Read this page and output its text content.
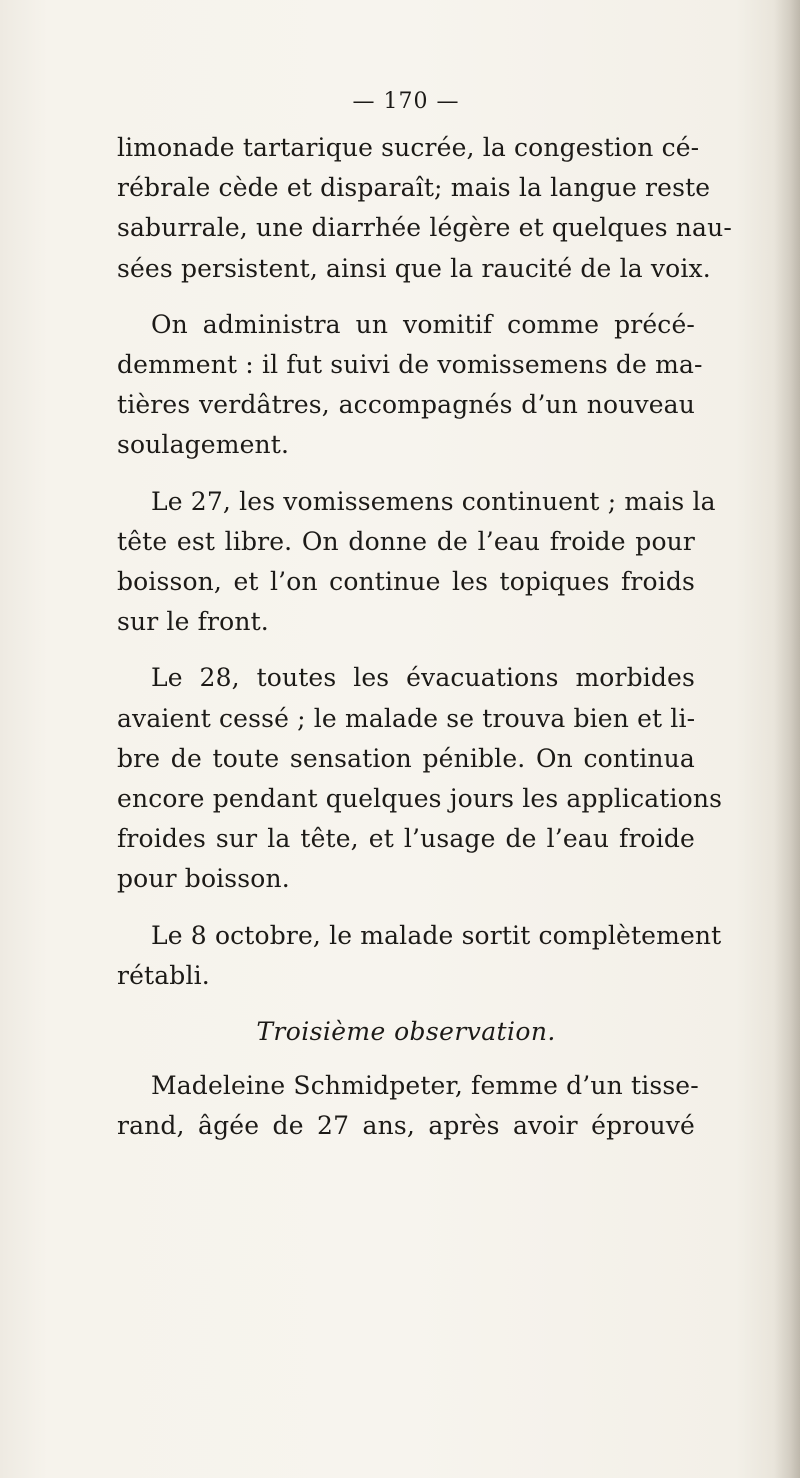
— 170 —
limonade tartarique sucrée, la congestion cé-
rébrale cède et disparaît; mais la langue reste
saburrale, une diarrhée légère et quelques nau-
sées persistent, ainsi que la raucité de la voix.
On administra un vomitif comme précé-
demment : il fut suivi de vomissemens de ma-
tières verdâtres, accompagnés d’un nouveau
soulagement.
Le 27, les vomissemens continuent ; mais la
tête est libre. On donne de l’eau froide pour
boisson, et l’on continue les topiques froids
sur le front.
Le 28, toutes les évacuations morbides
avaient cessé ; le malade se trouva bien et li-
bre de toute sensation pénible. On continua
encore pendant quelques jours les applications
froides sur la tête, et l’usage de l’eau froide
pour boisson.
Le 8 octobre, le malade sortit complètement
rétabli.
Troisième observation.
Madeleine Schmidpeter, femme d’un tisse-
rand, âgée de 27 ans, après avoir éprouvé
